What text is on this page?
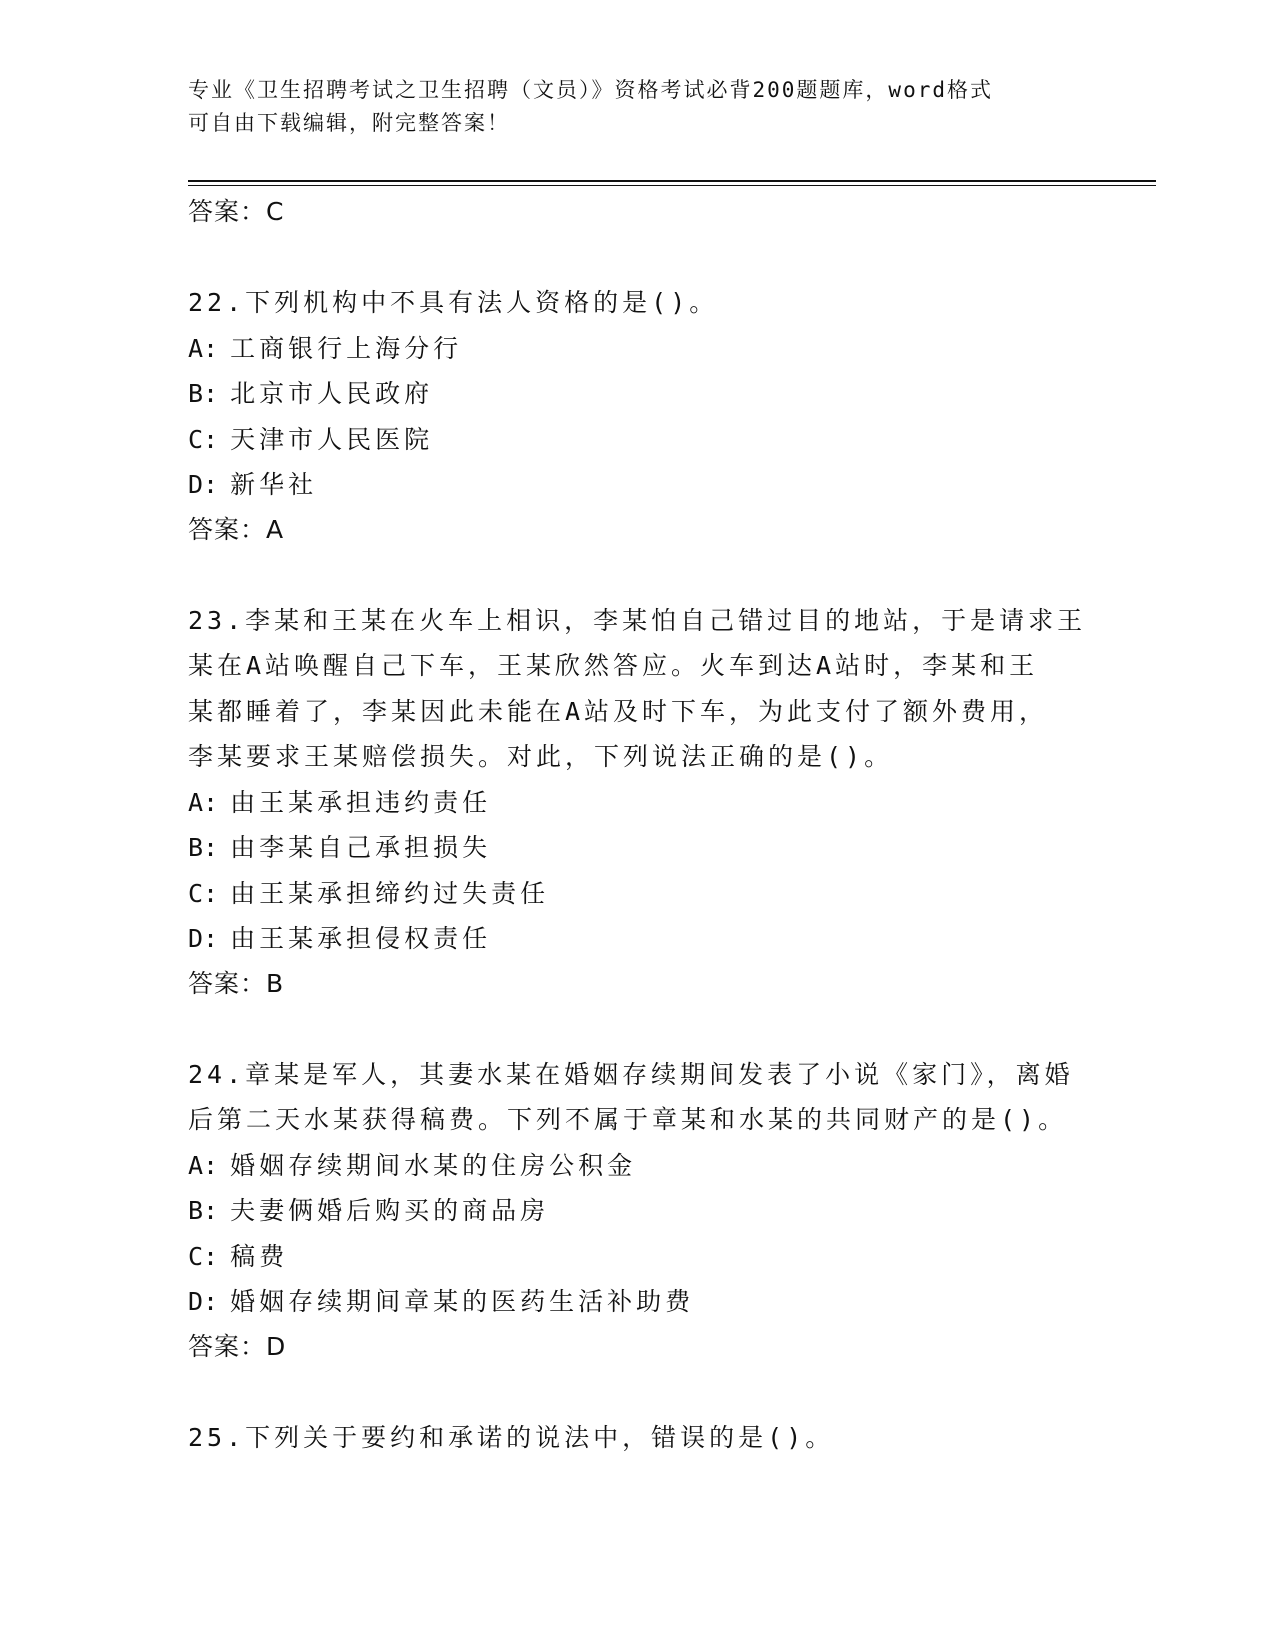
专业《卫生招聘考试之卫生招聘（文员）》资格考试必背200题题库，word格式
可自由下载编辑，附完整答案！
答案：C
22.下列机构中不具有法人资格的是()。
A: 工商银行上海分行
B: 北京市人民政府
C: 天津市人民医院
D: 新华社
答案：A
23.李某和王某在火车上相识，李某怕自己错过目的地站，于是请求王
某在A站唤醒自己下车，王某欣然答应。火车到达A站时，李某和王
某都睡着了，李某因此未能在A站及时下车，为此支付了额外费用，
李某要求王某赔偿损失。对此，下列说法正确的是()。
A: 由王某承担违约责任
B: 由李某自己承担损失
C: 由王某承担缔约过失责任
D: 由王某承担侵权责任
答案：B
24.章某是军人，其妻水某在婚姻存续期间发表了小说《家门》，离婚
后第二天水某获得稿费。下列不属于章某和水某的共同财产的是()。
A: 婚姻存续期间水某的住房公积金
B: 夫妻俩婚后购买的商品房
C: 稿费
D: 婚姻存续期间章某的医药生活补助费
答案：D
25.下列关于要约和承诺的说法中，错误的是()。
